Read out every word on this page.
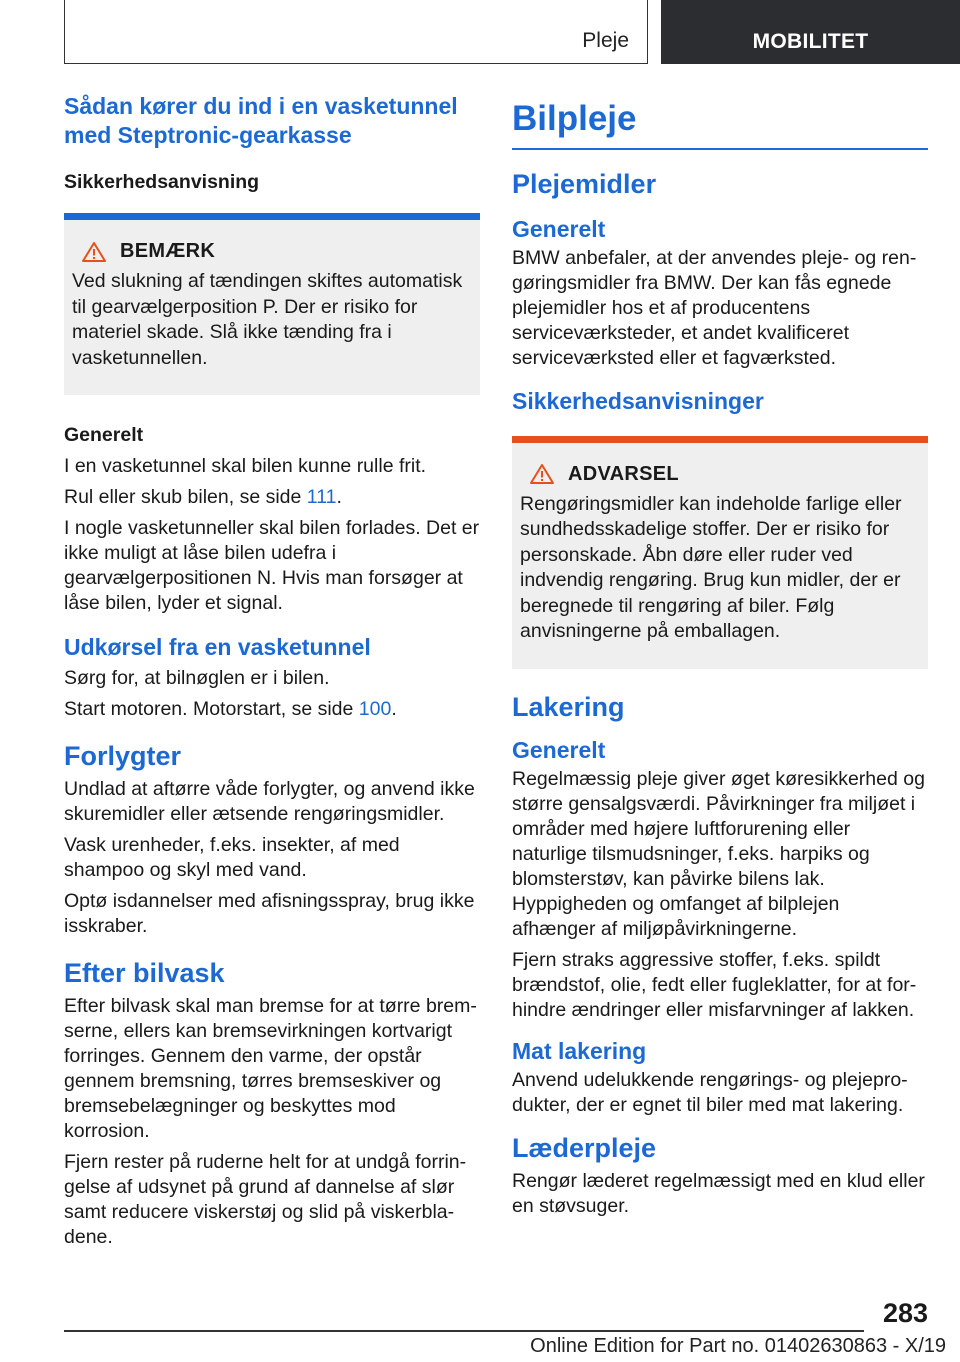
Pleje	MOBILITET
Sådan kører du ind i en vasketunnel med Steptronic-gearkasse
Sikkerhedsanvisning
BEMÆRK

Ved slukning af tændingen skiftes automatisk til gearvælgerposition P. Der er risiko for materiel skade. Slå ikke tænding fra i vasketunnellen.

Generelt

I en vasketunnel skal bilen kunne rulle frit.

Rul eller skub bilen, se side 111.

I nogle vasketunneller skal bilen forlades. Det er ikke muligt at låse bilen udefra i gearvælgerpositionen N. Hvis man forsøger at låse bilen, lyder et signal.

Udkørsel fra en vasketunnel

Sørg for, at bilnøglen er i bilen.

Start motoren. Motorstart, se side 100.

Forlygter

Undlad at aftørre våde forlygter, og anvend ikke skuremidler eller ætsende rengøringsmidler.

Vask urenheder, f.eks. insekter, af med shampoo og skyl med vand.

Optø isdannelser med afisningsspray, brug ikke isskraber.

Efter bilvask

Efter bilvask skal man bremse for at tørre bremserne, ellers kan bremsevirkningen kortvarigt forringes. Gennem den varme, der opstår gennem bremsning, tørres bremseskiver og bremsebelægninger og beskyttes mod korrosion.

Fjern rester på ruderne helt for at undgå forringelse af udsynet på grund af dannelse af slør samt reducere viskerstøj og slid på viskerbladene.

Bilpleje
Plejemidler
Generelt

BMW anbefaler, at der anvendes pleje- og rengøringsmidler fra BMW. Der kan fås egnede plejemidler hos et af producentens serviceværksteder, et andet kvalificeret serviceværksted eller et fagværksted.

Sikkerhedsanvisninger
ADVARSEL

Rengøringsmidler kan indeholde farlige eller sundhedsskadelige stoffer. Der er risiko for personskade. Åbn døre eller ruder ved indvendig rengøring. Brug kun midler, der er beregnede til rengøring af biler. Følg anvisningerne på emballagen.

Lakering
Generelt

Regelmæssig pleje giver øget køresikkerhed og større gensalgsværdi. Påvirkninger fra miljøet i områder med højere luftforurening eller naturlige tilsmudsninger, f.eks. harpiks og blomsterstøv, kan påvirke bilens lak. Hyppigheden og omfanget af bilplejen afhænger af miljøpåvirkningerne.

Fjern straks aggressive stoffer, f.eks. spildt brændstof, olie, fedt eller fugleklatter, for at forhindre ændringer eller misfarvninger af lakken.

Mat lakering

Anvend udelukkende rengørings- og plejeprodukter, der er egnet til biler med mat lakering.

Læderpleje

Rengør læderet regelmæssigt med en klud eller en støvsuger.

283
Online Edition for Part no. 01402630863 - X/19
